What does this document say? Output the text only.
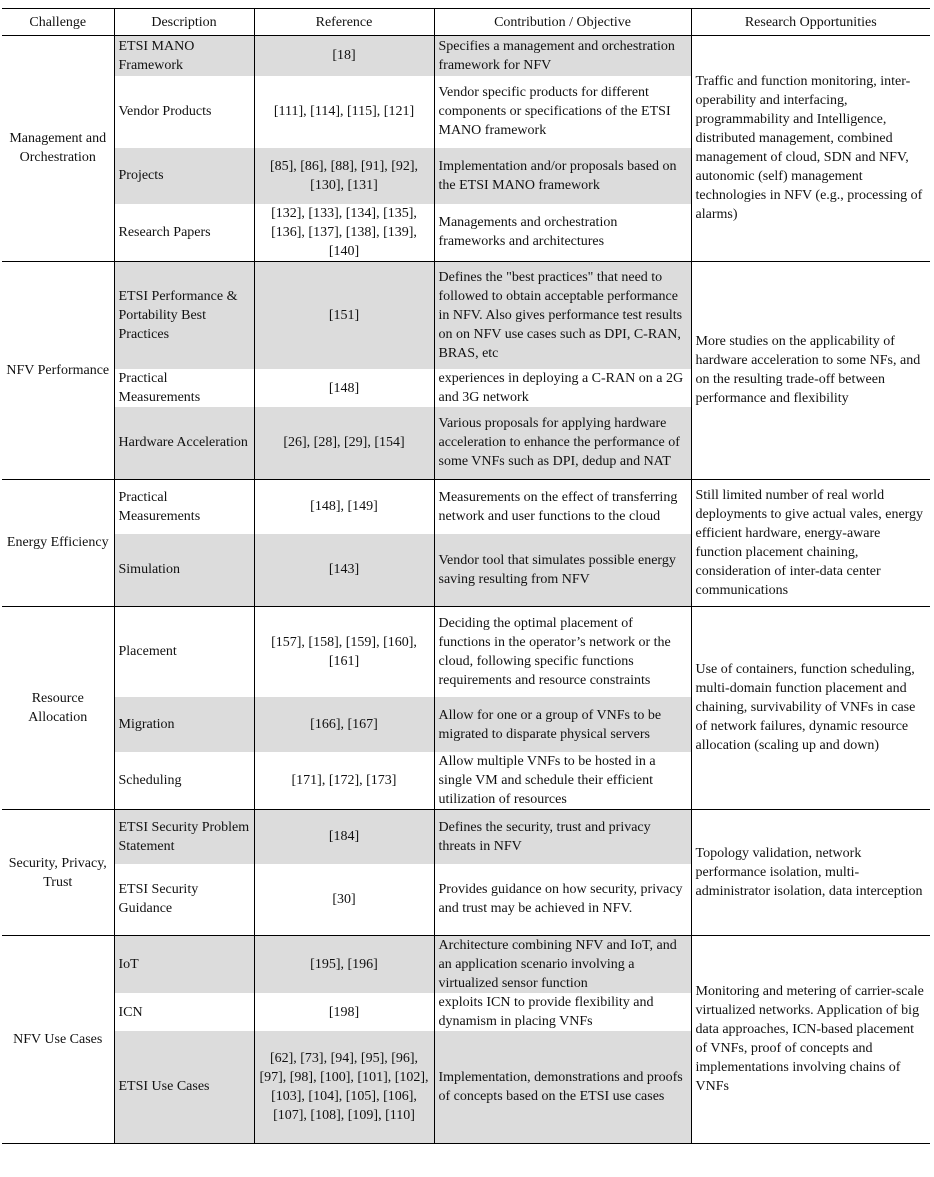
Challenge	Description	Reference	Contribution / Objective	Research Opportunities
Management and Orchestration	ETSI MANO Framework	[18]	Specifies a management and orchestration framework for NFV	Traffic and function monitoring, inter-operability and interfacing, programmability and Intelligence, distributed management, combined management of cloud, SDN and NFV, autonomic (self) management technologies in NFV (e.g., processing of alarms)
	Vendor Products	[111], [114], [115], [121]	Vendor specific products for different components or specifications of the ETSI MANO framework	
	Projects	[85], [86], [88], [91], [92], [130], [131]	Implementation and/or proposals based on the ETSI MANO framework	
	Research Papers	[132], [133], [134], [135], [136], [137], [138], [139], [140]	Managements and orchestration frameworks and architectures	
NFV Performance	ETSI Performance & Portability Best Practices	[151]	Defines the "best practices" that need to followed to obtain acceptable performance in NFV. Also gives performance test results on on NFV use cases such as DPI, C-RAN, BRAS, etc	More studies on the applicability of hardware acceleration to some NFs, and on the resulting trade-off between performance and flexibility
	Practical Measurements	[148]	experiences in deploying a C-RAN on a 2G and 3G network	
	Hardware Acceleration	[26], [28], [29], [154]	Various proposals for applying hardware acceleration to enhance the performance of some VNFs such as DPI, dedup and NAT	
Energy Efficiency	Practical Measurements	[148], [149]	Measurements on the effect of transferring network and user functions to the cloud	Still limited number of real world deployments to give actual vales, energy efficient hardware, energy-aware function placement chaining, consideration of inter-data center communications
	Simulation	[143]	Vendor tool that simulates possible energy saving resulting from NFV	
Resource Allocation	Placement	[157], [158], [159], [160], [161]	Deciding the optimal placement of functions in the operator’s network or the cloud, following specific functions requirements and resource constraints	Use of containers, function scheduling, multi-domain function placement and chaining, survivability of VNFs in case of network failures, dynamic resource allocation (scaling up and down)
	Migration	[166], [167]	Allow for one or a group of VNFs to be migrated to disparate physical servers	
	Scheduling	[171], [172], [173]	Allow multiple VNFs to be hosted in a single VM and schedule their efficient utilization of resources	
Security, Privacy, Trust	ETSI Security Problem Statement	[184]	Defines the security, trust and privacy threats in NFV	Topology validation, network performance isolation, multi-administrator isolation, data interception
	ETSI Security Guidance	[30]	Provides guidance on how security, privacy and trust may be achieved in NFV.	
NFV Use Cases	IoT	[195], [196]	Architecture combining NFV and IoT, and an application scenario involving a virtualized sensor function	Monitoring and metering of carrier-scale virtualized networks. Application of big data approaches, ICN-based placement of VNFs, proof of concepts and implementations involving chains of VNFs
	ICN	[198]	exploits ICN to provide flexibility and dynamism in placing VNFs	
	ETSI Use Cases	[62], [73], [94], [95], [96], [97], [98], [100], [101], [102], [103], [104], [105], [106], [107], [108], [109], [110]	Implementation, demonstrations and proofs of concepts based on the ETSI use cases	
